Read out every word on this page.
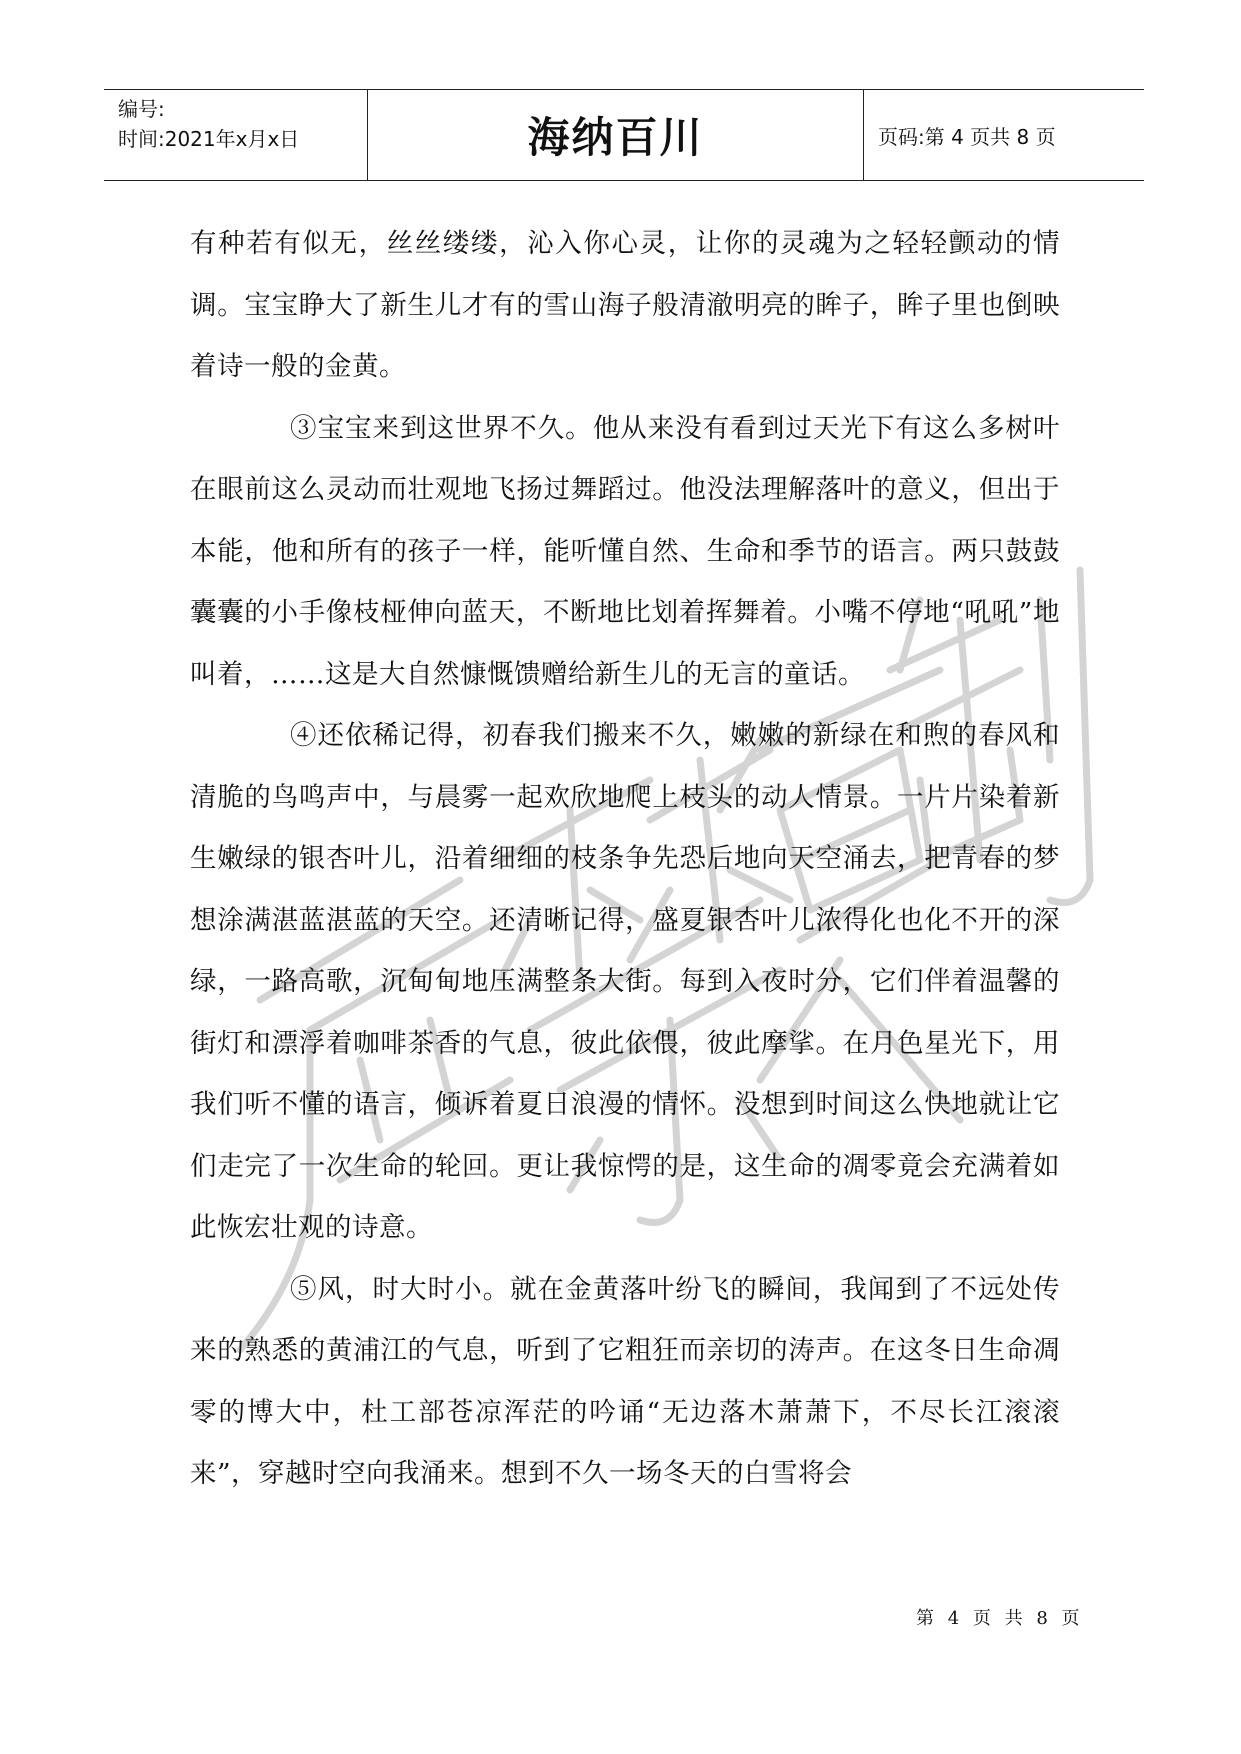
编号:
时间:2021年x月x日	海纳百川	页码:第 4 页共 8 页

有种若有似无，丝丝缕缕，沁入你心灵，让你的灵魂为之轻轻颤动的情调。宝宝睁大了新生儿才有的雪山海子般清澈明亮的眸子，眸子里也倒映着诗一般的金黄。

③宝宝来到这世界不久。他从来没有看到过天光下有这么多树叶在眼前这么灵动而壮观地飞扬过舞蹈过。他没法理解落叶的意义，但出于本能，他和所有的孩子一样，能听懂自然、生命和季节的语言。两只鼓鼓囊囊的小手像枝桠伸向蓝天，不断地比划着挥舞着。小嘴不停地“吼吼”地叫着，……这是大自然慷慨馈赠给新生儿的无言的童话。

④还依稀记得，初春我们搬来不久，嫩嫩的新绿在和煦的春风和清脆的鸟鸣声中，与晨雾一起欢欣地爬上枝头的动人情景。一片片染着新生嫩绿的银杏叶儿，沿着细细的枝条争先恐后地向天空涌去，把青春的梦想涂满湛蓝湛蓝的天空。还清晰记得，盛夏银杏叶儿浓得化也化不开的深绿，一路高歌，沉甸甸地压满整条大街。每到入夜时分，它们伴着温馨的街灯和漂浮着咖啡茶香的气息，彼此依偎，彼此摩挲。在月色星光下，用我们听不懂的语言，倾诉着夏日浪漫的情怀。没想到时间这么快地就让它们走完了一次生命的轮回。更让我惊愕的是，这生命的凋零竟会充满着如此恢宏壮观的诗意。

⑤风，时大时小。就在金黄落叶纷飞的瞬间，我闻到了不远处传来的熟悉的黄浦江的气息，听到了它粗狂而亲切的涛声。在这冬日生命凋零的博大中，杜工部苍凉浑茫的吟诵“无边落木萧萧下，不尽长江滚滚来”，穿越时空向我涌来。想到不久一场冬天的白雪将会

第 4 页 共 8 页
